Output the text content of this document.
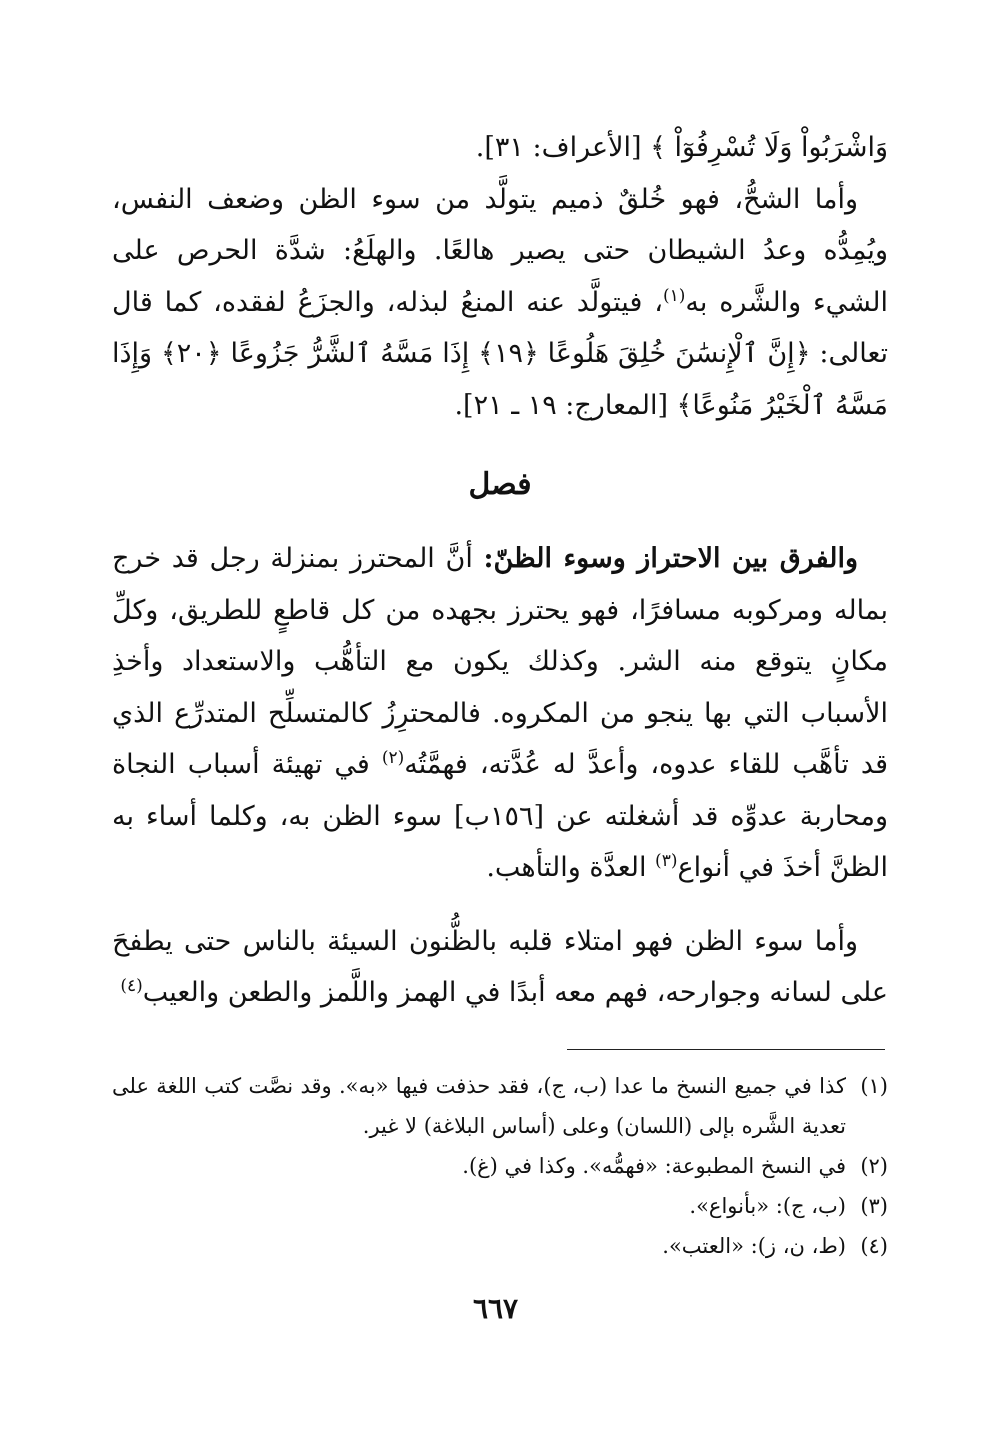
وَاشْرَبُواْ وَلَا تُسْرِفُوٓاْ ﴾ [الأعراف: ٣١].

وأما الشحُّ، فهو خُلقٌ ذميم يتولَّد من سوء الظن وضعف النفس، ويُمِدُّه وعدُ الشيطان حتى يصير هالعًا. والهلَعُ: شدَّة الحرص على الشيء والشَّره به$^{(١)}$، فيتولَّد عنه المنعُ لبذله، والجزَعُ لفقده، كما قال تعالى: ﴿إِنَّ ٱلْإِنسَٰنَ خُلِقَ هَلُوعًا ﴿١٩﴾ إِذَا مَسَّهُ ٱلشَّرُّ جَزُوعًا ﴿٢٠﴾ وَإِذَا مَسَّهُ ٱلْخَيْرُ مَنُوعًا﴾ [المعارج: ١٩ ـ ٢١].

فصل

والفرق بين الاحتراز وسوء الظنّ: أنَّ المحترز بمنزلة رجل قد خرج بماله ومركوبه مسافرًا، فهو يحترز بجهده من كل قاطعٍ للطريق، وكلِّ مكانٍ يتوقع منه الشر. وكذلك يكون مع التأهُّب والاستعداد وأخذِ الأسباب التي بها ينجو من المكروه. فالمحترِزُ كالمتسلِّح المتدرِّع الذي قد تأهَّب للقاء عدوه، وأعدَّ له عُدَّته، فهمَّتُه$^{(٢)}$ في تهيئة أسباب النجاة ومحاربة عدوِّه قد أشغلته عن [١٥٦ب] سوء الظن به، وكلما أساء به الظنَّ أخذَ في أنواع$^{(٣)}$ العدَّة والتأهب.

وأما سوء الظن فهو امتلاء قلبه بالظُّنون السيئة بالناس حتى يطفحَ على لسانه وجوارحه، فهم معه أبدًا في الهمز واللَّمز والطعن والعيب$^{(٤)}$

(١)
كذا في جميع النسخ ما عدا (ب، ج)، فقد حذفت فيها «به». وقد نصَّت كتب اللغة على تعدية الشَّره بإلى (اللسان) وعلى (أساس البلاغة) لا غير.
(٢)
في النسخ المطبوعة: «فهمُّه». وكذا في (غ).
(٣)
(ب، ج): «بأنواع».
(٤)
(ط، ن، ز): «العتب».
٦٦٧
